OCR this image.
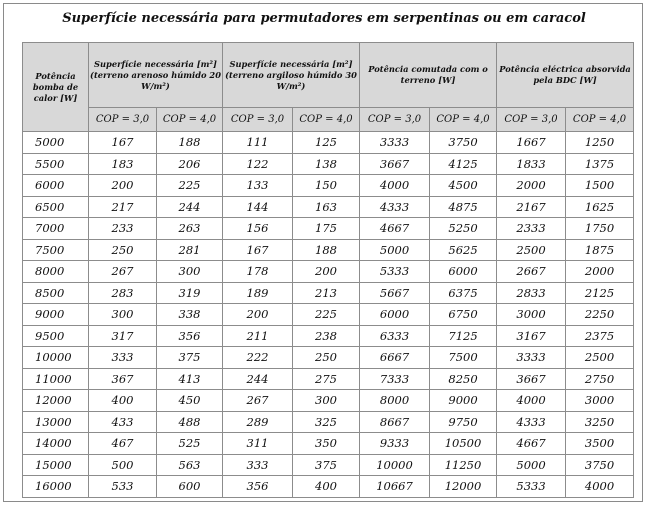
Superfície necessária para permutadores em serpentinas ou em caracol
Potência bomba de calor [W]	Superfície necessária [m²] (terreno arenoso húmido 20 W/m²)		Superfície necessária [m²] (terreno argiloso húmido 30 W/m²)		Potência comutada com o terreno [W]		Potência eléctrica absorvida pela BDC [W]	
	COP = 3,0	COP = 4,0	COP = 3,0	COP = 4,0	COP = 3,0	COP = 4,0	COP = 3,0	COP = 4,0
5000	167	188	111	125	3333	3750	1667	1250
5500	183	206	122	138	3667	4125	1833	1375
6000	200	225	133	150	4000	4500	2000	1500
6500	217	244	144	163	4333	4875	2167	1625
7000	233	263	156	175	4667	5250	2333	1750
7500	250	281	167	188	5000	5625	2500	1875
8000	267	300	178	200	5333	6000	2667	2000
8500	283	319	189	213	5667	6375	2833	2125
9000	300	338	200	225	6000	6750	3000	2250
9500	317	356	211	238	6333	7125	3167	2375
10000	333	375	222	250	6667	7500	3333	2500
11000	367	413	244	275	7333	8250	3667	2750
12000	400	450	267	300	8000	9000	4000	3000
13000	433	488	289	325	8667	9750	4333	3250
14000	467	525	311	350	9333	10500	4667	3500
15000	500	563	333	375	10000	11250	5000	3750
16000	533	600	356	400	10667	12000	5333	4000
